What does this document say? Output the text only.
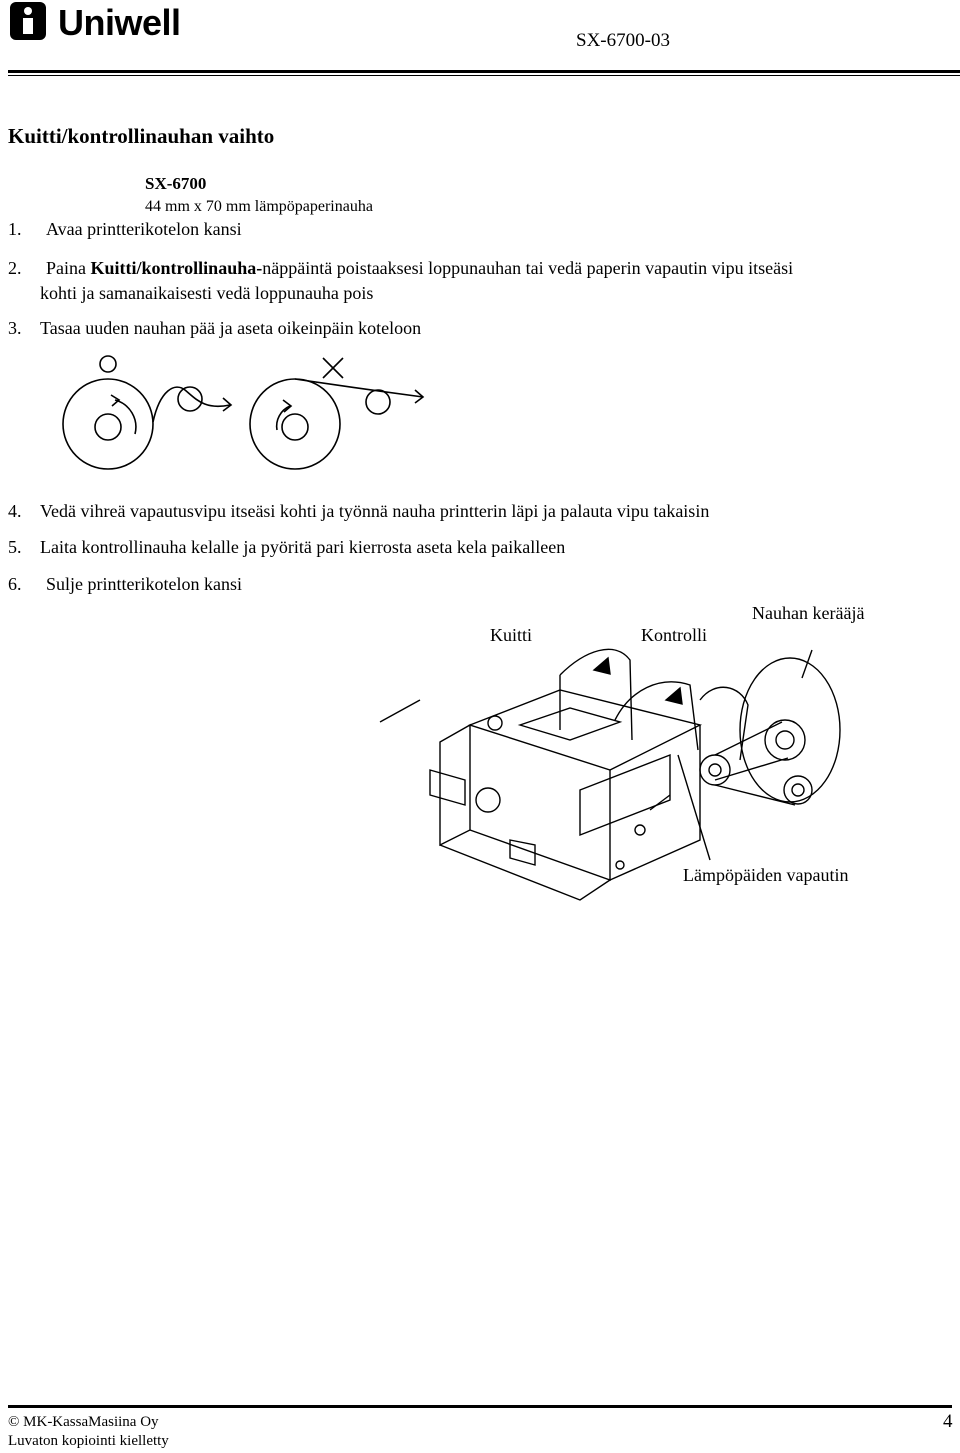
Uniwell	SX-6700-03
Kuitti/kontrollinauhan vaihto
SX-6700
44 mm x 70 mm lämpöpaperinauha
1. Avaa printterikotelon kansi
2. Paina Kuitti/kontrollinauha-näppäintä poistaaksesi loppunauhan tai vedä paperin vapautin vipu itseäsi
kohti ja samanaikaisesti vedä loppunauha pois
3. Tasaa uuden nauhan pää ja aseta oikeinpäin koteloon
4. Vedä vihreä vapautusvipu itseäsi kohti ja työnnä nauha printterin läpi ja palauta vipu takaisin
5. Laita kontrollinauha kelalle ja pyöritä pari kierrosta aseta kela paikalleen
6. Sulje printterikotelon kansi
Kuitti	Kontrolli
Nauhan kerääjä
Lämpöpäiden vapautin
© MK-KassaMasiina Oy
Luvaton kopiointi kielletty
4
